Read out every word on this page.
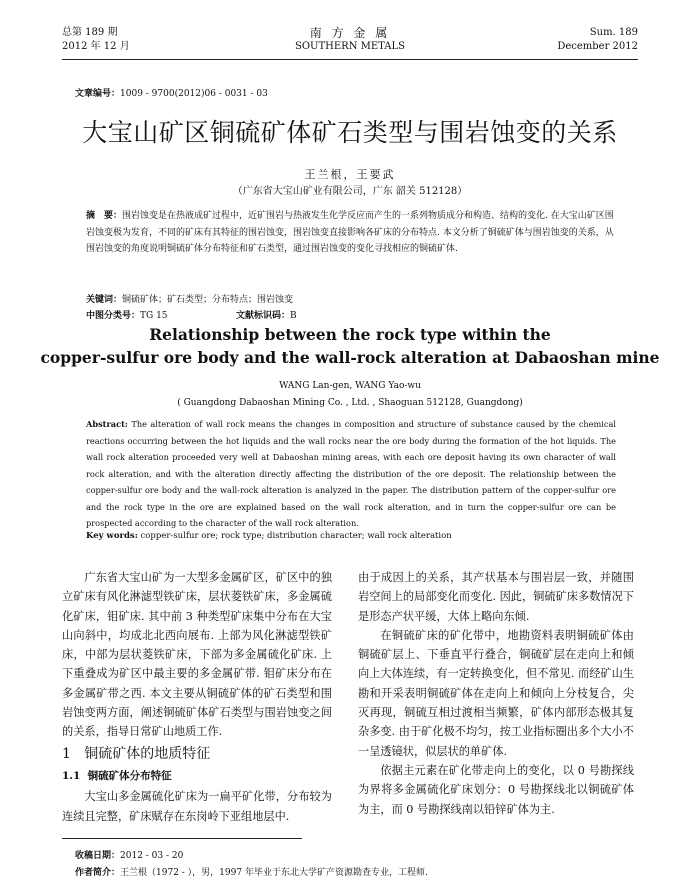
总第 189 期
2012 年 12 月
南 方 金 属
SOUTHERN METALS
Sum. 189
December 2012
文章编号：1009 - 9700(2012)06 - 0031 - 03
大宝山矿区铜硫矿体矿石类型与围岩蚀变的关系
王兰根，王要武
（广东省大宝山矿业有限公司，广东 韶关 512128）
摘　要：围岩蚀变是在热液成矿过程中，近矿围岩与热液发生化学反应而产生的一系列物质成分和构造、结构的变化. 在大宝山矿区围岩蚀变极为发育，不同的矿床有其特征的围岩蚀变，围岩蚀变直接影响各矿床的分布特点. 本文分析了铜硫矿体与围岩蚀变的关系，从围岩蚀变的角度说明铜硫矿体分布特征和矿石类型，通过围岩蚀变的变化寻找相应的铜硫矿体.
关键词：铜硫矿体；矿石类型；分布特点；围岩蚀变
中图分类号：TG 15	文献标识码：B
Relationship between the rock type within the
copper-sulfur ore body and the wall-rock alteration at Dabaoshan mine
WANG Lan-gen, WANG Yao-wu
( Guangdong Dabaoshan Mining Co. , Ltd. , Shaoguan 512128, Guangdong)
Abstract: The alteration of wall rock means the changes in composition and structure of substance caused by the chemical reactions occurring between the hot liquids and the wall rocks near the ore body during the formation of the hot liquids. The wall rock alteration proceeded very well at Dabaoshan mining areas, with each ore deposit having its own character of wall rock alteration, and with the alteration directly affecting the distribution of the ore deposit. The relationship between the copper-sulfur ore body and the wall-rock alteration is analyzed in the paper. The distribution pattern of the copper-sulfur ore and the rock type in the ore are explained based on the wall rock alteration, and in turn the copper-sulfur ore can be prospected according to the character of the wall rock alteration.
Key words: copper-sulfur ore; rock type; distribution character; wall rock alteration

广东省大宝山矿为一大型多金属矿区，矿区中的独立矿床有风化淋滤型铁矿床，层状菱铁矿床，多金属硫化矿床，钼矿床. 其中前 3 种类型矿床集中分布在大宝山向斜中，均成北北西向展布. 上部为风化淋滤型铁矿床，中部为层状菱铁矿床，下部为多金属硫化矿床. 上下重叠成为矿区中最主要的多金属矿带. 钼矿床分布在多金属矿带之西. 本文主要从铜硫矿体的矿石类型和围岩蚀变两方面，阐述铜硫矿体矿石类型与围岩蚀变之间的关系，指导日常矿山地质工作.

1 铜硫矿体的地质特征
1.1 铜硫矿体分布特征

大宝山多金属硫化矿床为一扁平矿化带，分布较为连续且完整，矿床赋存在东岗岭下亚组地层中.

由于成因上的关系，其产状基本与围岩层一致，并随围岩空间上的局部变化而变化. 因此，铜硫矿床多数情况下是形态产状平缓，大体上略向东倾.

在铜硫矿床的矿化带中，地勘资料表明铜硫矿体由铜硫矿层上、下垂直平行叠合，铜硫矿层在走向上和倾向上大体连续，有一定转换变化，但不常见. 而经矿山生勘和开采表明铜硫矿体在走向上和倾向上分枝复合，尖灭再现，铜硫互相过渡相当频繁，矿体内部形态极其复杂多变. 由于矿化极不均匀，按工业指标圈出多个大小不一呈透镜状，似层状的单矿体.

依据主元素在矿化带走向上的变化，以 0 号勘探线为界将多金属硫化矿床划分：0 号勘探线北以铜硫矿体为主，而 0 号勘探线南以铅锌矿体为主.

收稿日期：2012 - 03 - 20
作者简介：王兰根（1972 - ），男，1997 年毕业于东北大学矿产资源勘查专业，工程师.
